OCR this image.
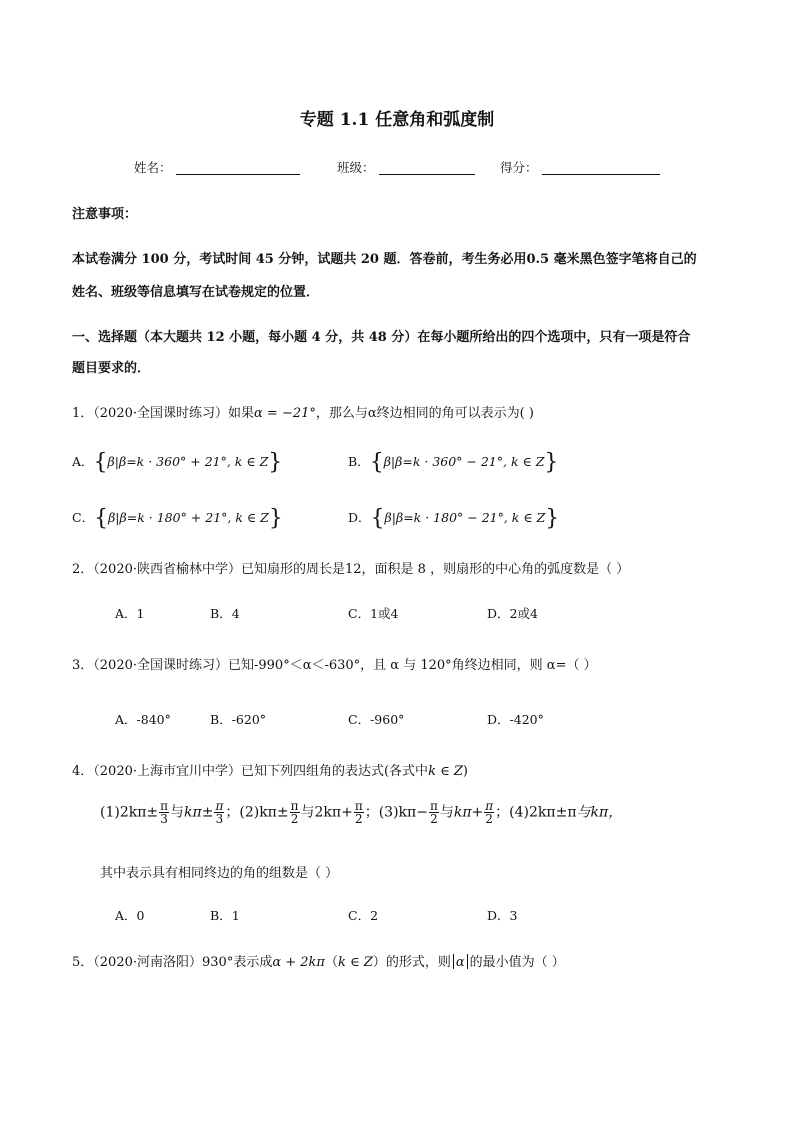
专题 1.1 任意角和弧度制
姓名：	班级：	得分：
注意事项：
本试卷满分 100 分，考试时间 45 分钟，试题共 20 题．答卷前，考生务必用0.5 毫米黑色签字笔将自己的
姓名、班级等信息填写在试卷规定的位置．
一、选择题（本大题共 12 小题，每小题 4 分，共 48 分）在每小题所给出的四个选项中，只有一项是符合
题目要求的．
1．（2020·全国课时练习）如果α = −21°，那么与α终边相同的角可以表示为( )
A．{β|β=k · 360° + 21°, k ∈ Z}	B．{β|β=k · 360° − 21°, k ∈ Z}
C．{β|β=k · 180° + 21°, k ∈ Z}	D．{β|β=k · 180° − 21°, k ∈ Z}
2．（2020·陕西省榆林中学）已知扇形的周长是12，面积是 8 ，则扇形的中心角的弧度数是（ ）
A．1	B．4	C．1或4	D．2或4
3．（2020·全国课时练习）已知-990°＜α＜-630°，且 α 与 120°角终边相同，则 α=（ ）
A．-840°	B．-620°	C．-960°	D．-420°
4．（2020·上海市宜川中学）已知下列四组角的表达式(各式中k ∈ Z)
$(1)2k\pi\pm \frac{\pi}{3}$ 与$k\pi\pm \frac{\pi}{3}$ ；$(2)k\pi\pm \frac{\pi}{2}$ 与$2k\pi+ \frac{\pi}{2}$ ；$(3)k\pi- \frac{\pi}{2}$ 与$k\pi+ \frac{\pi}{2}$ ；(4)2kπ±π与kπ，
其中表示具有相同终边的角的组数是（ ）
A．0	B．1	C．2	D．3
5．（2020·河南洛阳）930°表示成α + 2kπ（k ∈ Z）的形式，则 α 的最小值为（ ）
